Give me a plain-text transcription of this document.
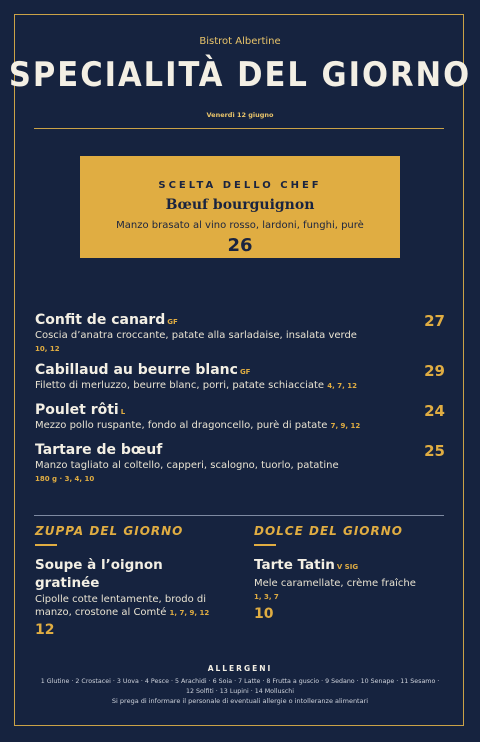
Bistrot Albertine
SPECIALITÀ DEL GIORNO
Venerdì 12 giugno
SCELTA DELLO CHEF
Bœuf bourguignon
Manzo brasato al vino rosso, lardoni, funghi, purè
26
Confit de canard GF
Coscia d’anatra croccante, patate alla sarladaise, insalata verde
10, 12
27
Cabillaud au beurre blanc GF
Filetto di merluzzo, beurre blanc, porri, patate schiacciate 4, 7, 12
29
Poulet rôti L
Mezzo pollo ruspante, fondo al dragoncello, purè di patate 7, 9, 12
24
Tartare de bœuf
Manzo tagliato al coltello, capperi, scalogno, tuorlo, patatine
180 g · 3, 4, 10
25
ZUPPA DEL GIORNO
Soupe à l’oignon gratinée
Cipolle cotte lentamente, brodo di manzo, crostone al Comté 1, 7, 9, 12
12
DOLCE DEL GIORNO
Tarte Tatin V SIG
Mele caramellate, crème fraîche
1, 3, 7
10
ALLERGENI
1 Glutine · 2 Crostacei · 3 Uova · 4 Pesce · 5 Arachidi · 6 Soia · 7 Latte · 8 Frutta a guscio · 9 Sedano · 10 Senape · 11 Sesamo · 12 Solfiti · 13 Lupini · 14 Molluschi
Si prega di informare il personale di eventuali allergie o intolleranze alimentari
